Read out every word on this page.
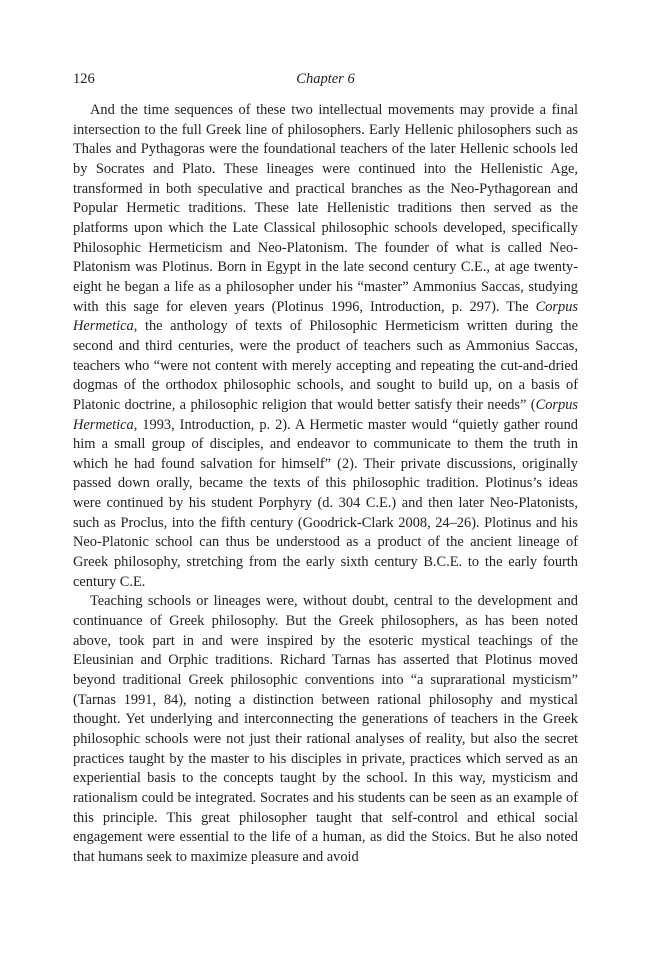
126	Chapter 6

And the time sequences of these two intellectual movements may provide a final intersection to the full Greek line of philosophers. Early Hellenic philosophers such as Thales and Pythagoras were the foundational teachers of the later Hellenic schools led by Socrates and Plato. These lineages were continued into the Hellenistic Age, transformed in both speculative and practical branches as the Neo-Pythagorean and Popular Hermetic traditions. These late Hellenistic traditions then served as the platforms upon which the Late Classical philosophic schools developed, specifically Philosophic Hermeticism and Neo-Platonism. The founder of what is called Neo-Platonism was Plotinus. Born in Egypt in the late second century C.E., at age twenty-eight he began a life as a philosopher under his “master” Ammonius Saccas, studying with this sage for eleven years (Plotinus 1996, Introduction, p. 297). The Corpus Hermetica, the anthology of texts of Philosophic Hermeticism written during the second and third centuries, were the product of teachers such as Ammonius Saccas, teachers who “were not content with merely accepting and repeating the cut-and-dried dogmas of the orthodox philosophic schools, and sought to build up, on a basis of Platonic doctrine, a philosophic religion that would better satisfy their needs” (Corpus Hermetica, 1993, Introduction, p. 2). A Hermetic master would “quietly gather round him a small group of disciples, and endeavor to communicate to them the truth in which he had found salvation for himself” (2). Their private discussions, originally passed down orally, became the texts of this philosophic tradition. Plotinus’s ideas were continued by his student Porphyry (d. 304 C.E.) and then later Neo-Platonists, such as Proclus, into the fifth century (Goodrick-Clark 2008, 24–26). Plotinus and his Neo-Platonic school can thus be understood as a product of the ancient lineage of Greek philosophy, stretching from the early sixth century B.C.E. to the early fourth century C.E.

Teaching schools or lineages were, without doubt, central to the development and continuance of Greek philosophy. But the Greek philosophers, as has been noted above, took part in and were inspired by the esoteric mystical teachings of the Eleusinian and Orphic traditions. Richard Tarnas has asserted that Plotinus moved beyond traditional Greek philosophic conventions into “a suprarational mysticism” (Tarnas 1991, 84), noting a distinction between rational philosophy and mystical thought. Yet underlying and interconnecting the generations of teachers in the Greek philosophic schools were not just their rational analyses of reality, but also the secret practices taught by the master to his disciples in private, practices which served as an experiential basis to the concepts taught by the school. In this way, mysticism and rationalism could be integrated. Socrates and his students can be seen as an example of this principle. This great philosopher taught that self-control and ethical social engagement were essential to the life of a human, as did the Stoics. But he also noted that humans seek to maximize pleasure and avoid
